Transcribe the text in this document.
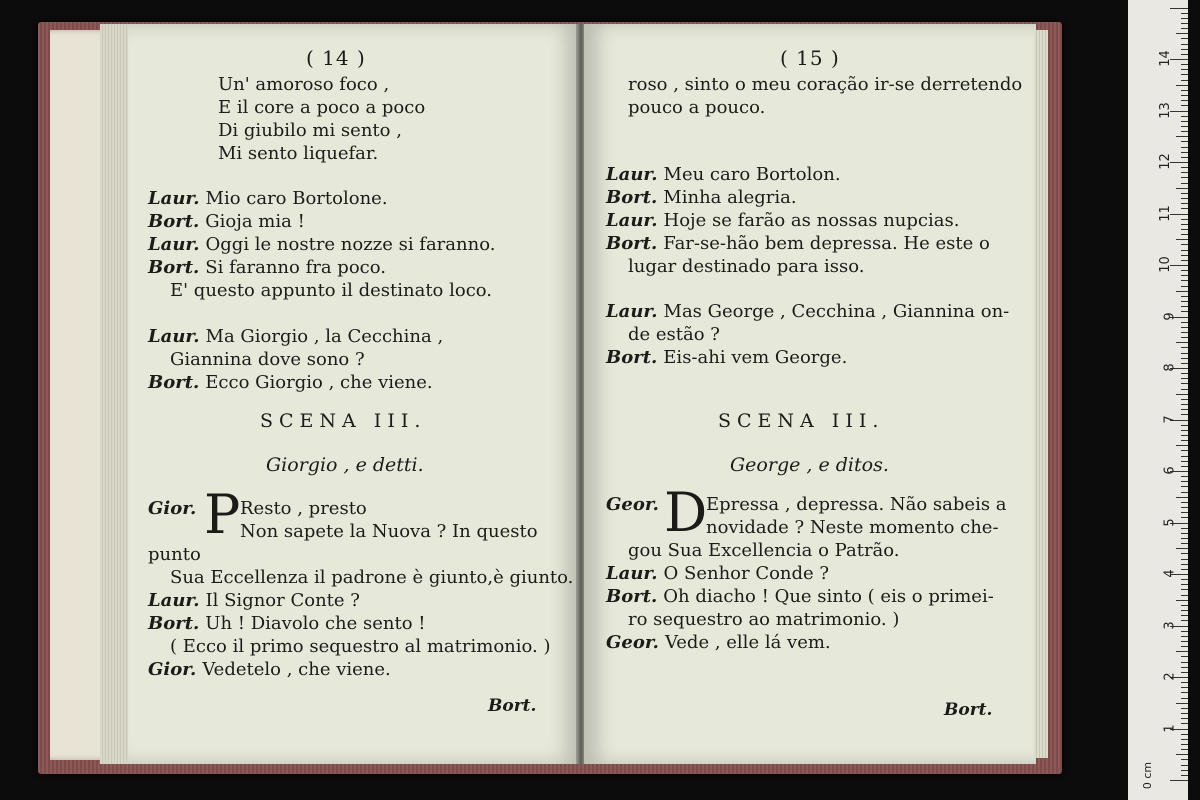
( 14 )
Un' amoroso foco ,
E il core a poco a poco
Di giubilo mi sento ,
Mi sento liquefar.
Laur. Mio caro Bortolone.
Bort. Gioja mia !
Laur. Oggi le nostre nozze si faranno.
Bort. Si faranno fra poco.
E' questo appunto il destinato loco.
Laur. Ma Giorgio , la Cecchina ,
Giannina dove sono ?
Bort. Ecco Giorgio , che viene.
SCENA III.
Giorgio , e detti.
Gior. P Resto , presto
Non sapete la Nuova ? In questo
punto
Sua Eccellenza il padrone è giunto,è giunto.
Laur. Il Signor Conte ?
Bort. Uh ! Diavolo che sento !
( Ecco il primo sequestro al matrimonio. )
Gior. Vedetelo , che viene.
Bort.
( 15 )
roso , sinto o meu coração ir-se derretendo
pouco a pouco.
Laur. Meu caro Bortolon.
Bort. Minha alegria.
Laur. Hoje se farão as nossas nupcias.
Bort. Far-se-hão bem depressa. He este o
lugar destinado para isso.
Laur. Mas George , Cecchina , Giannina on-
de estão ?
Bort. Eis-ahi vem George.
SCENA III.
George , e ditos.
Geor. D
Epressa , depressa. Não sabeis a
novidade ? Neste momento che-
gou Sua Excellencia o Patrão.
Laur. O Senhor Conde ?
Bort. Oh diacho ! Que sinto ( eis o primei-
ro sequestro ao matrimonio. )
Geor. Vede , elle lá vem.
Bort.
0 cm
1
2
3
4
5
6
7
8
9
10
11
12
13
14
